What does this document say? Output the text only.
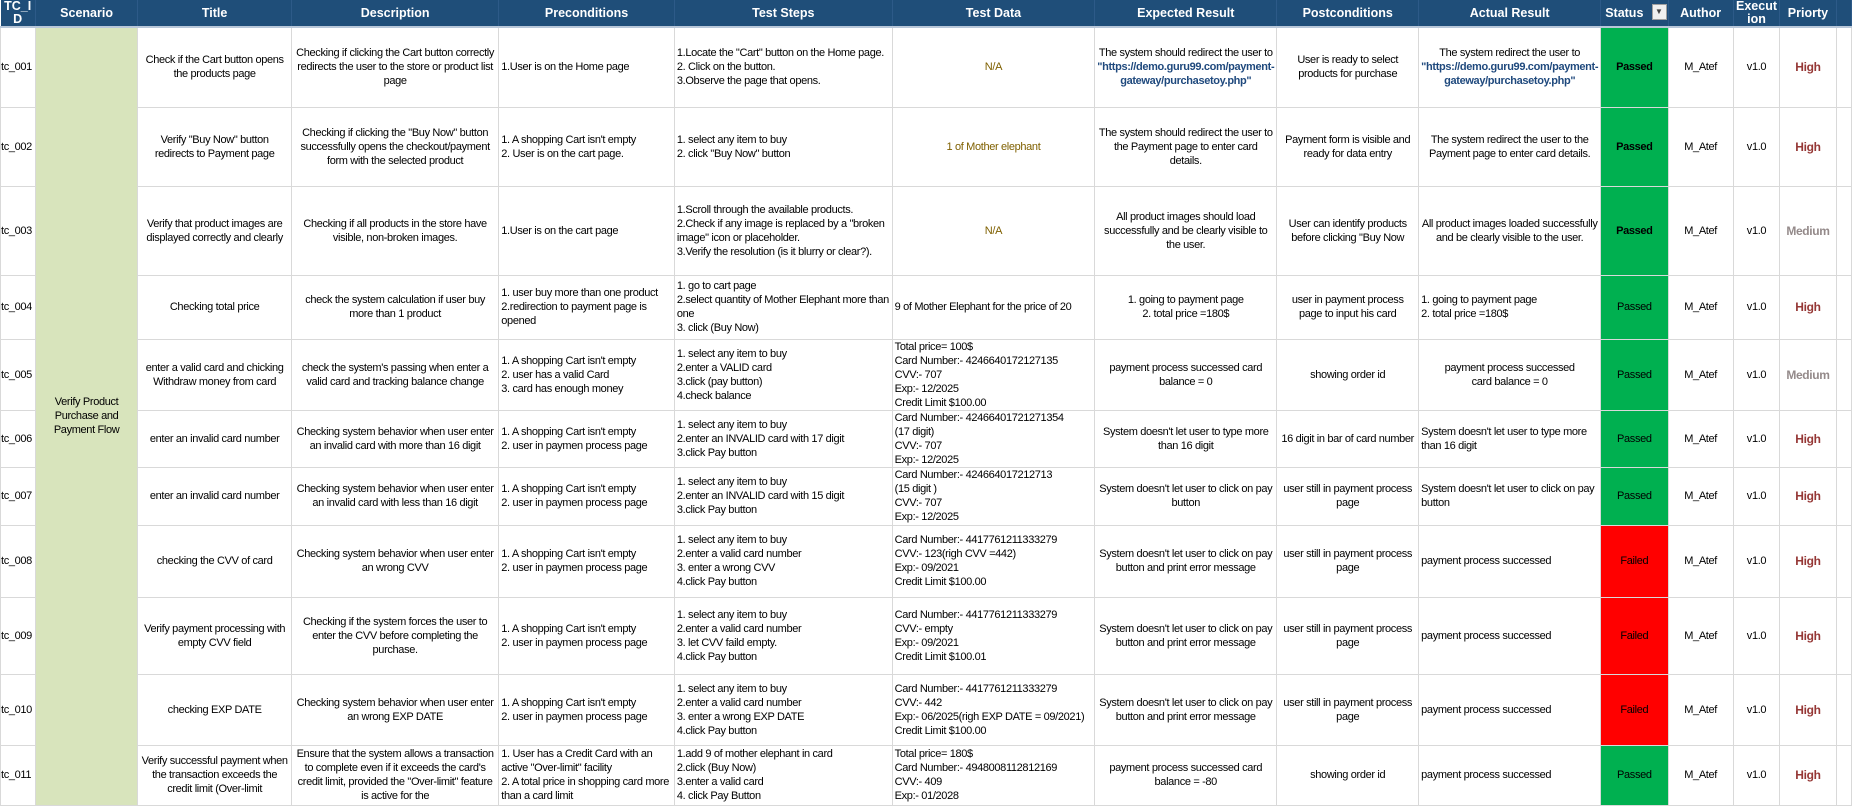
TC_ID	Scenario	Title	Description	Preconditions	Test Steps	Test Data	Expected Result	Postconditions	Actual Result	Status ▼	Author	Execution	Priorty	
tc_001	Verify Product Purchase and Payment Flow	Check if the Cart button opens the products page	Checking if clicking the Cart button correctly redirects the user to the store or product list page	1.User is on the Home page	1.Locate the "Cart" button on the Home page.
2. Click on the button.
3.Observe the page that opens.	N/A	The system should redirect the user to
"https://demo.guru99.com/payment-gateway/purchasetoy.php"	User is ready to select products for purchase	The system redirect the user to
"https://demo.guru99.com/payment-gateway/purchasetoy.php"	Passed	M_Atef	v1.0	High	
tc_002		Verify "Buy Now" button redirects to Payment page	Checking if clicking the "Buy Now" button successfully opens the checkout/payment form with the selected product	1. A shopping Cart isn't empty
2. User is on the cart page.	1. select any item to buy
2. click "Buy Now" button	1 of Mother elephant	The system should redirect the user to the Payment page to enter card details.	Payment form is visible and ready for data entry	The system redirect the user to the Payment page to enter card details.	Passed	M_Atef	v1.0	High	
tc_003		Verify that product images are displayed correctly and clearly	Checking if all products in the store have visible, non-broken images.	1.User is on the cart page	1.Scroll through the available products.
2.Check if any image is replaced by a "broken image" icon or placeholder.
3.Verify the resolution (is it blurry or clear?).	N/A	All product images should load successfully and be clearly visible to the user.	User can identify products before clicking "Buy Now	All product images loaded successfully and be clearly visible to the user.	Passed	M_Atef	v1.0	Medium	
tc_004		Checking total price	check the system calculation if user buy more than 1 product	1. user buy more than one product
2.redirection to payment page is opened	1. go to cart page
2.select quantity of Mother Elephant more than one
3. click (Buy Now)	9 of Mother Elephant for the price of 20	1. going to payment page
2. total price =180$	user in payment process page to input his card	1. going to payment page
2. total price =180$	Passed	M_Atef	v1.0	High	
tc_005		enter a valid card and chicking Withdraw money from card	check the system's passing when enter a valid card and tracking balance change	1. A shopping Cart isn't empty
2. user has a valid Card
3. card has enough money	1. select any item to buy
2.enter a VALID card
3.click (pay button)
4.check balance	Total price= 100$
Card Number:- 4246640172127135
CVV:- 707
Exp:- 12/2025
Credit Limit $100.00	payment process successed card balance = 0	showing order id	payment process successed
card balance = 0	Passed	M_Atef	v1.0	Medium	
tc_006		enter an invalid card number	Checking system behavior when user enter an invalid card with more than 16 digit	1. A shopping Cart isn't empty
2. user in paymen process page	1. select any item to buy
2.enter an INVALID card with 17 digit
3.click Pay button	Card Number:- 42466401721271354
(17 digit)
CVV:- 707
Exp:- 12/2025	System doesn't let user to type more than 16 digit	16 digit in bar of card number	System doesn't let user to type more than 16 digit	Passed	M_Atef	v1.0	High	
tc_007		enter an invalid card number	Checking system behavior when user enter an invalid card with less than 16 digit	1. A shopping Cart isn't empty
2. user in paymen process page	1. select any item to buy
2.enter an INVALID card with 15 digit
3.click Pay button	Card Number:- 424664017212713
(15 digit )
CVV:- 707
Exp:- 12/2025	System doesn't let user to click on pay button	user still in payment process
page	System doesn't let user to click on pay button	Passed	M_Atef	v1.0	High	
tc_008		checking the CVV of card	Checking system behavior when user enter an wrong CVV	1. A shopping Cart isn't empty
2. user in paymen process page	1. select any item to buy
2.enter a valid card number
3. enter a wrong CVV
4.click Pay button	Card Number:- 4417761211333279
CVV:- 123(righ CVV =442)
Exp:- 09/2021
Credit Limit $100.00	System doesn't let user to click on pay button and print error message	user still in payment process
page	payment process successed	Failed	M_Atef	v1.0	High	
tc_009		Verify payment processing with empty CVV field	Checking if the system forces the user to enter the CVV before completing the purchase.	1. A shopping Cart isn't empty
2. user in paymen process page	1. select any item to buy
2.enter a valid card number
3. let CVV faild empty.
4.click Pay button	Card Number:- 4417761211333279
CVV:- empty
Exp:- 09/2021
Credit Limit $100.01	System doesn't let user to click on pay button and print error message	user still in payment process
page	payment process successed	Failed	M_Atef	v1.0	High	
tc_010		checking EXP DATE	Checking system behavior when user enter an wrong EXP DATE	1. A shopping Cart isn't empty
2. user in paymen process page	1. select any item to buy
2.enter a valid card number
3. enter a wrong EXP DATE
4.click Pay button	Card Number:- 4417761211333279
CVV:- 442
Exp:- 06/2025(righ EXP DATE = 09/2021)
Credit Limit $100.00	System doesn't let user to click on pay button and print error message	user still in payment process
page	payment process successed	Failed	M_Atef	v1.0	High	
tc_011		Verify successful payment when the transaction exceeds the credit limit (Over-limit	Ensure that the system allows a transaction to complete even if it exceeds the card's credit limit, provided the "Over-limit" feature is active for the	1. User has a Credit Card with an active "Over-limit" facility
2. A total price in shopping card more than a card limit	1.add 9 of mother elephant in card
2.click (Buy Now)
3.enter a valid card
4. click Pay Button	Total price= 180$
Card Number:- 4948008112812169
CVV:- 409
Exp:- 01/2028	payment process successed card balance = -80	showing order id	payment process successed	Passed	M_Atef	v1.0	High	
